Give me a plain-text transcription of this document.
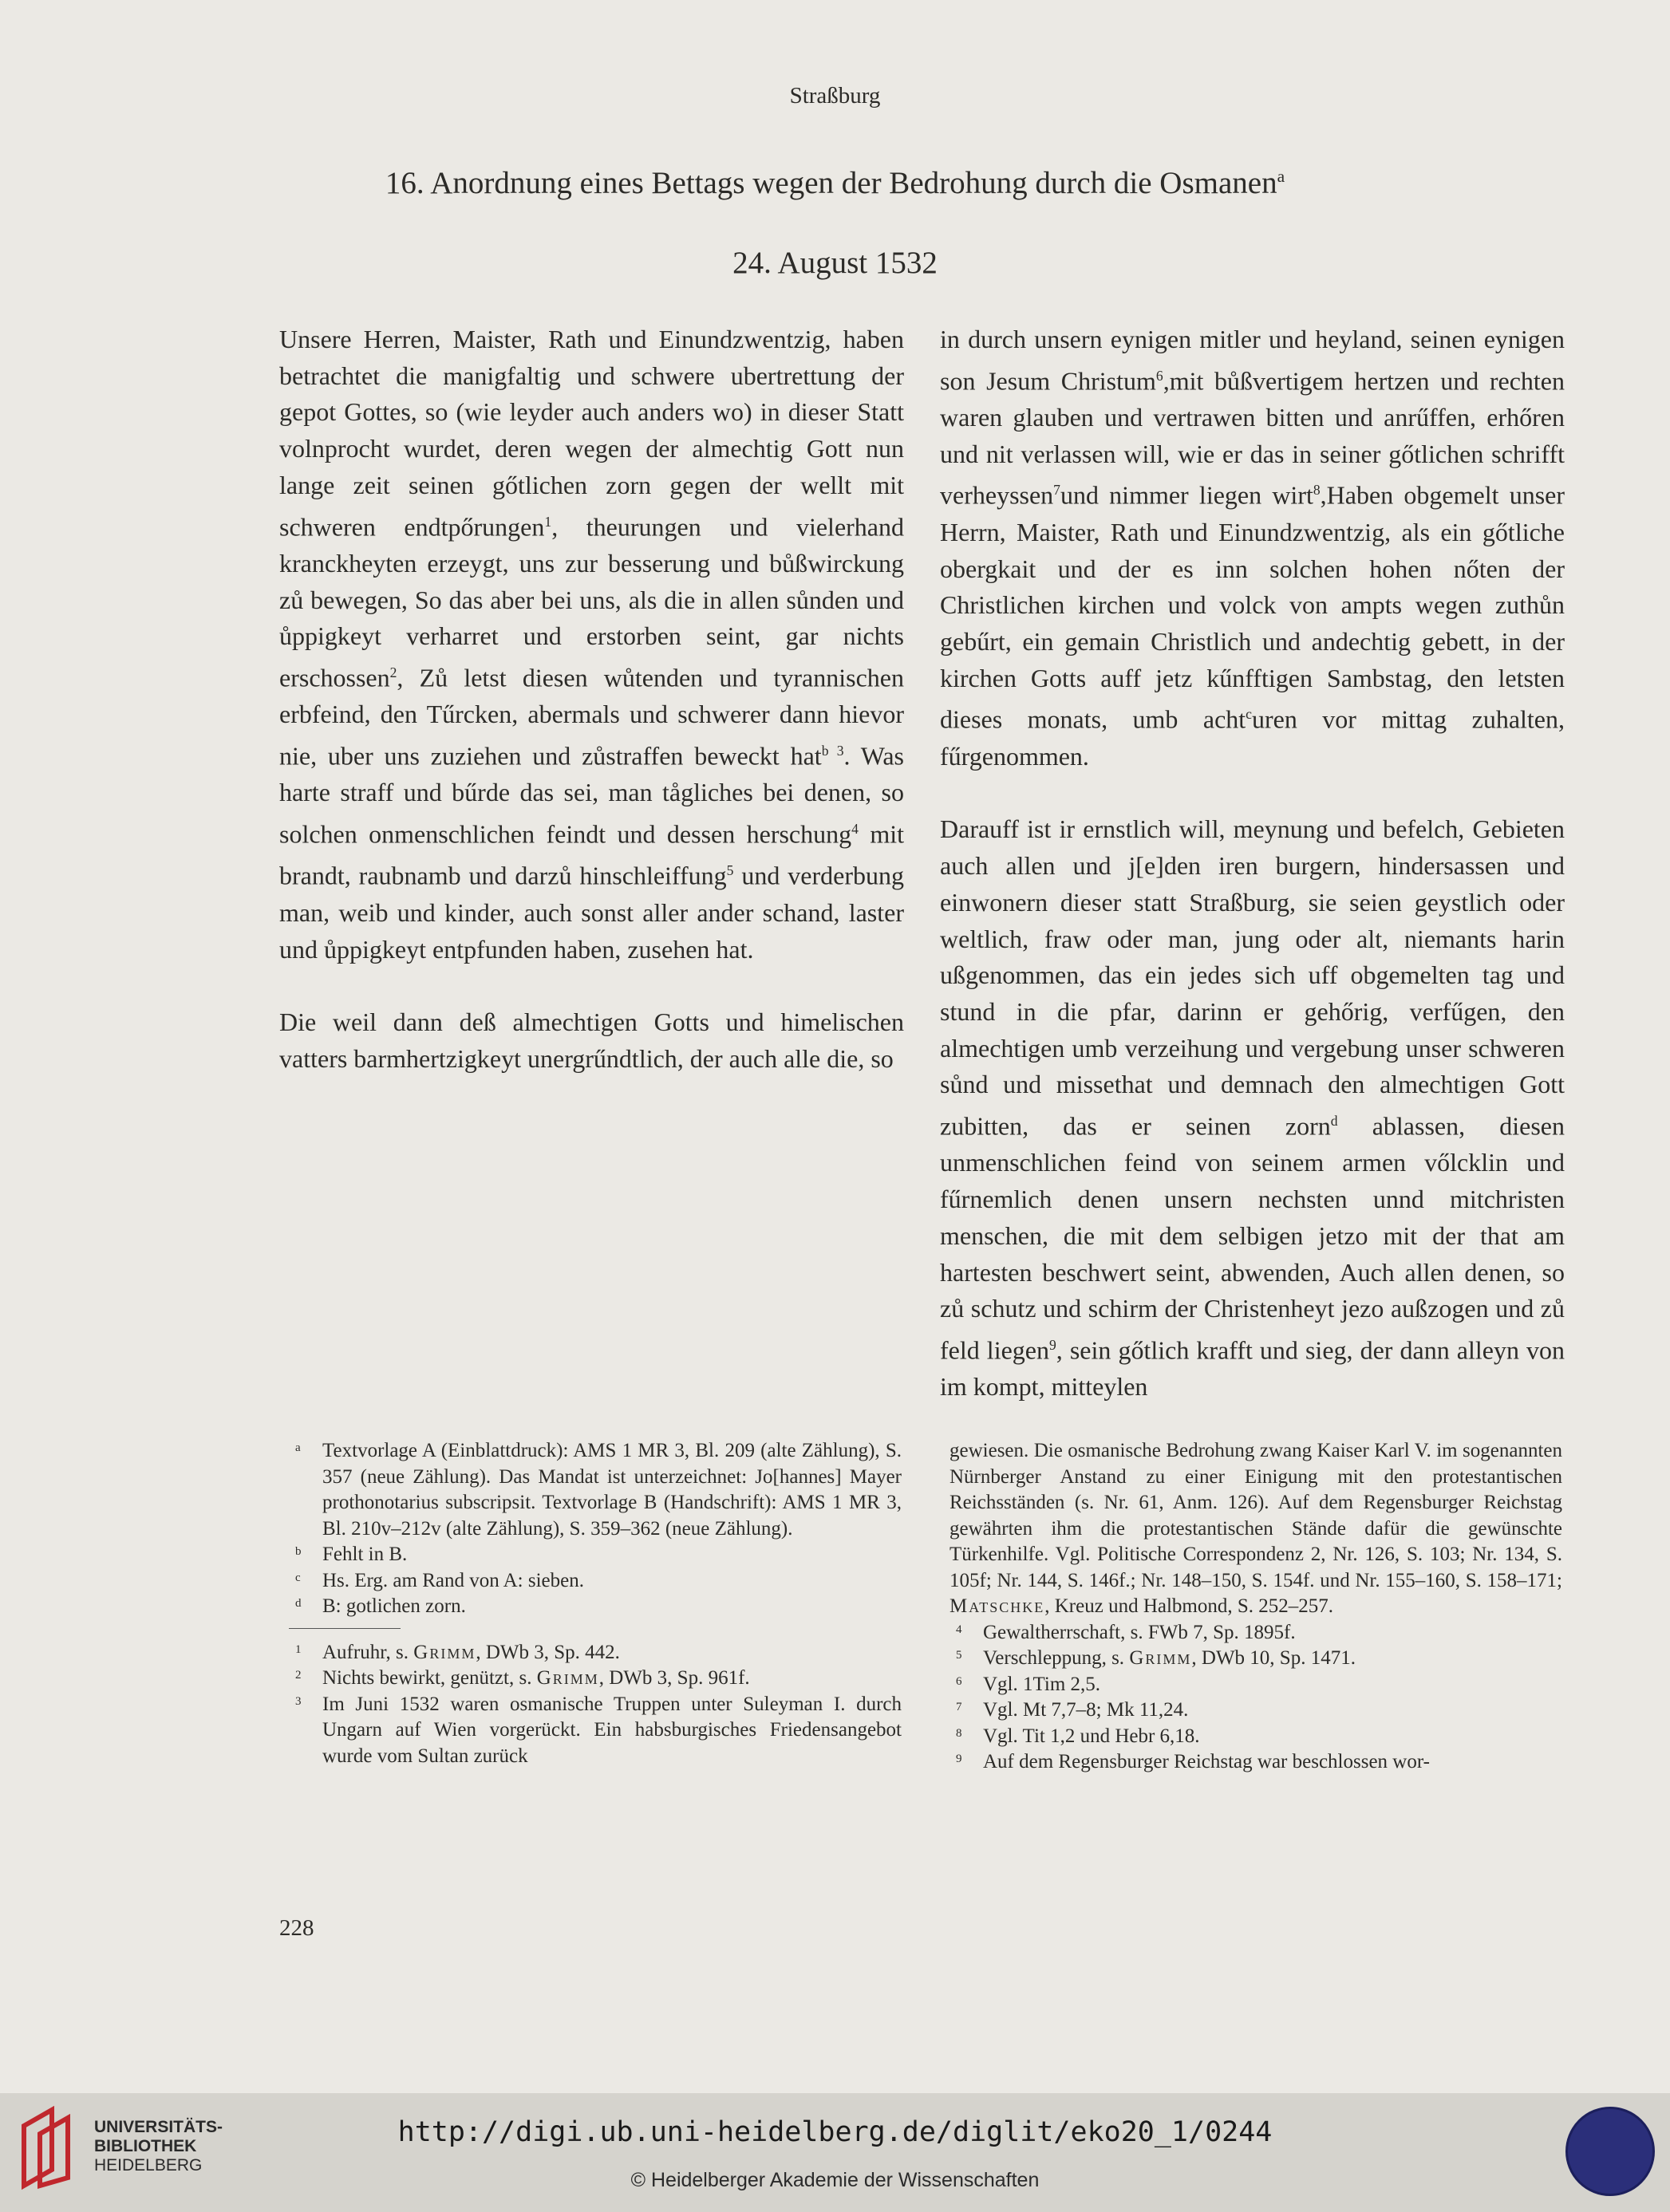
Straßburg
16. Anordnung eines Bettags wegen der Bedrohung durch die Osmanen$^a$
24. August 1532

Unsere Herren, Maister, Rath und Einundzwentzig, haben betrachtet die manigfaltig und schwere ubertrettung der gepot Gottes, so (wie leyder auch anders wo) in dieser Statt volnprocht wurdet, deren wegen der almechtig Gott nun lange zeit seinen gőtlichen zorn gegen der wellt mit schweren endtpőrungen$^1$, theurungen und vielerhand kranckheyten erzeygt, uns zur besserung und bůßwirckung zů bewegen, So das aber bei uns, als die in allen sůnden und ůppigkeyt verharret und erstorben seint, gar nichts erschossen$^2$, Zů letst diesen wůtenden und tyrannischen erbfeind, den Tűrcken, abermals und schwerer dann hievor nie, uber uns zuziehen und zůstraffen beweckt hat$^{b 3}$. Was harte straff und bűrde das sei, man tågliches bei denen, so solchen onmenschlichen feindt und dessen herschung$^4$ mit brandt, raubnamb und darzů hinschleiffung$^5$ und verderbung man, weib und kinder, auch sonst aller ander schand, laster und ůppigkeyt entpfunden haben, zusehen hat.

Die weil dann deß almechtigen Gotts und himelischen vatters barmhertzigkeyt unergrűndtlich, der auch alle die, so

in durch unsern eynigen mitler und heyland, seinen eynigen son Jesum Christum$^6$,mit bůßvertigem hertzen und rechten waren glauben und vertrawen bitten und anrűffen, erhőren und nit verlassen will, wie er das in seiner gőtlichen schrifft verheyssen$^7$und nimmer liegen wirt$^8$,Haben obgemelt unser Herrn, Maister, Rath und Einundzwentzig, als ein gőtliche obergkait und der es inn solchen hohen nőten der Christlichen kirchen und volck von ampts wegen zuthůn gebűrt, ein gemain Christlich und andechtig gebett, in der kirchen Gotts auff jetz kűnfftigen Sambstag, den letsten dieses monats, umb acht$^c$uren vor mittag zuhalten, fűrgenommen.

Darauff ist ir ernstlich will, meynung und befelch, Gebieten auch allen und j[e]den iren burgern, hindersassen und einwonern dieser statt Straßburg, sie seien geystlich oder weltlich, fraw oder man, jung oder alt, niemants harin ußgenommen, das ein jedes sich uff obgemelten tag und stund in die pfar, darinn er gehőrig, verfűgen, den almechtigen umb verzeihung und vergebung unser schweren sůnd und missethat und demnach den almechtigen Gott zubitten, das er seinen zorn$^d$ ablassen, diesen unmenschlichen feind von seinem armen vőlcklin und fűrnemlich denen unsern nechsten unnd mitchristen menschen, die mit dem selbigen jetzo mit der that am hartesten beschwert seint, abwenden, Auch allen denen, so zů schutz und schirm der Christenheyt jezo außzogen und zů feld liegen$^9$, sein gőtlich krafft und sieg, der dann alleyn von im kompt, mitteylen

a Textvorlage A (Einblattdruck): AMS 1 MR 3, Bl. 209 (alte Zählung), S. 357 (neue Zählung). Das Mandat ist unterzeichnet: Jo[hannes] Mayer prothonotarius subscripsit. Textvorlage B (Handschrift): AMS 1 MR 3, Bl. 210v–212v (alte Zählung), S. 359–362 (neue Zählung).
b Fehlt in B.
c Hs. Erg. am Rand von A: sieben.
d B: gotlichen zorn.
1 Aufruhr, s. Grimm, DWb 3, Sp. 442.
2 Nichts bewirkt, genützt, s. Grimm, DWb 3, Sp. 961f.
3 Im Juni 1532 waren osmanische Truppen unter Suleyman I. durch Ungarn auf Wien vorgerückt. Ein habsburgisches Friedensangebot wurde vom Sultan zurück
gewiesen. Die osmanische Bedrohung zwang Kaiser Karl V. im sogenannten Nürnberger Anstand zu einer Einigung mit den protestantischen Reichsständen (s. Nr. 61, Anm. 126). Auf dem Regensburger Reichstag gewährten ihm die protestantischen Stände dafür die gewünschte Türkenhilfe. Vgl. Politische Correspondenz 2, Nr. 126, S. 103; Nr. 134, S. 105f; Nr. 144, S. 146f.; Nr. 148–150, S. 154f. und Nr. 155–160, S. 158–171; Matschke, Kreuz und Halbmond, S. 252–257.
4 Gewaltherrschaft, s. FWb 7, Sp. 1895f.
5 Verschleppung, s. Grimm, DWb 10, Sp. 1471.
6 Vgl. 1Tim 2,5.
7 Vgl. Mt 7,7–8; Mk 11,24.
8 Vgl. Tit 1,2 und Hebr 6,18.
9 Auf dem Regensburger Reichstag war beschlossen wor-
228
UNIVERSITÄTS-
BIBLIOTHEK
HEIDELBERG
http://digi.ub.uni-heidelberg.de/diglit/eko20_1/0244
© Heidelberger Akademie der Wissenschaften
